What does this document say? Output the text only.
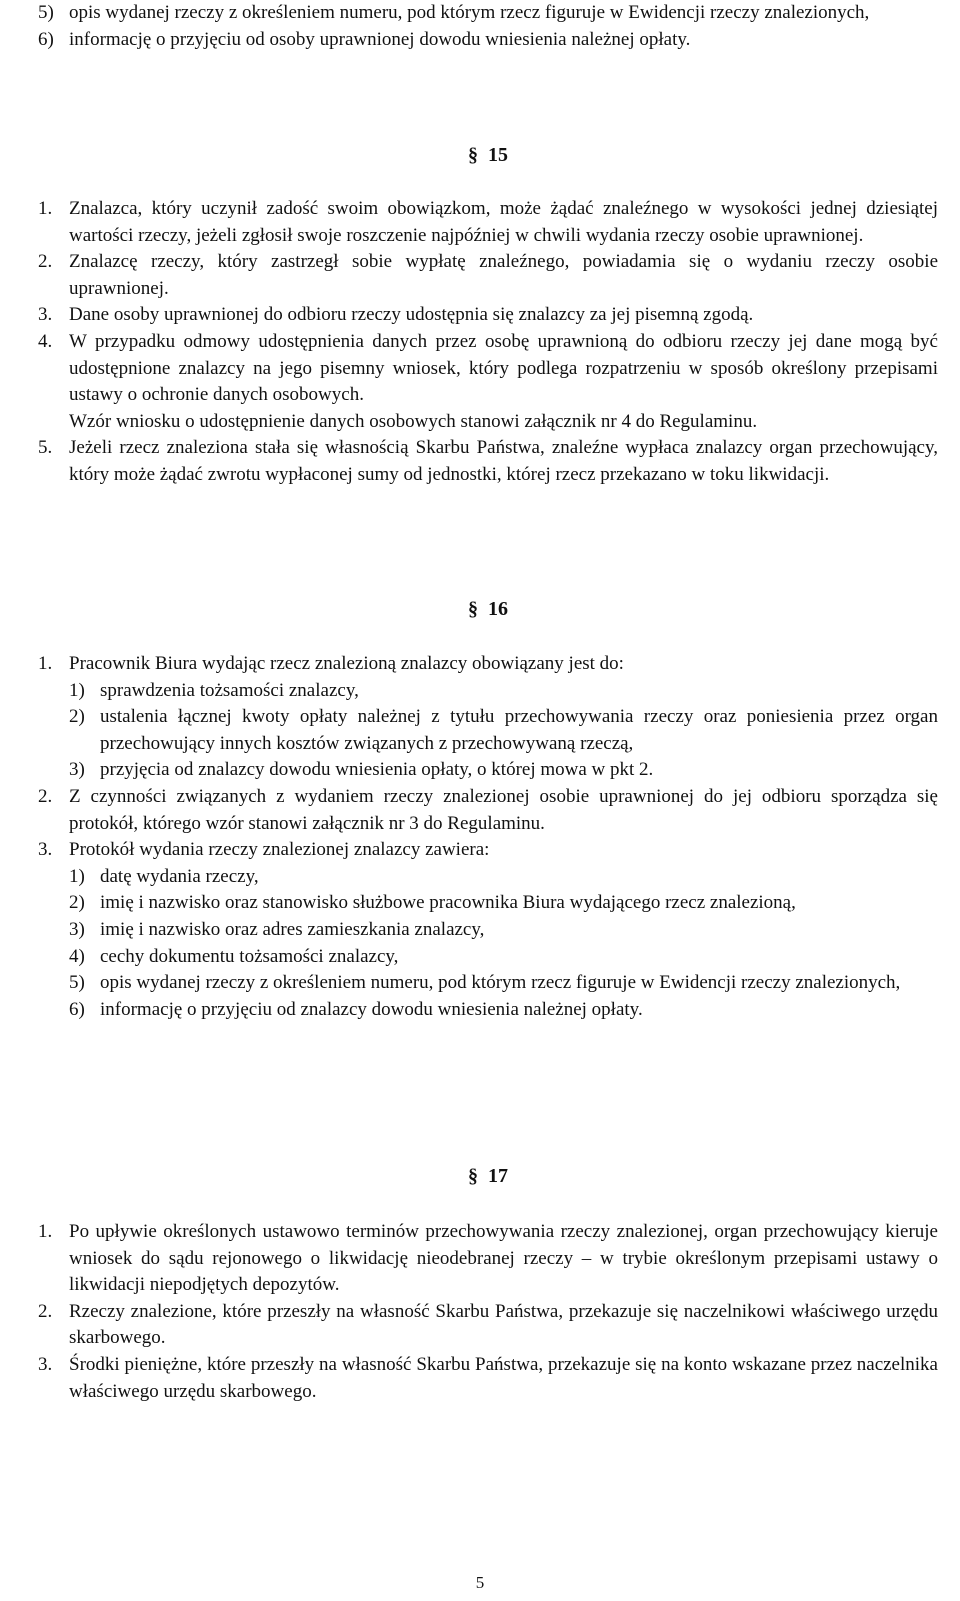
5) opis wydanej rzeczy z określeniem numeru, pod którym rzecz figuruje w Ewidencji rzeczy znalezionych,
6) informację o przyjęciu od osoby uprawnionej dowodu wniesienia należnej opłaty.
§ 15
1. Znalazca, który uczynił zadość swoim obowiązkom, może żądać znaleźnego w wysokości jednej dziesiątej wartości rzeczy, jeżeli zgłosił swoje roszczenie najpóźniej w chwili wydania rzeczy osobie uprawnionej.
2. Znalazcę rzeczy, który zastrzegł sobie wypłatę znaleźnego, powiadamia się o wydaniu rzeczy osobie uprawnionej.
3. Dane osoby uprawnionej do odbioru rzeczy udostępnia się znalazcy za jej pisemną zgodą.
4. W przypadku odmowy udostępnienia danych przez osobę uprawnioną do odbioru rzeczy jej dane mogą być udostępnione znalazcy na jego pisemny wniosek, który podlega rozpatrzeniu w sposób określony przepisami ustawy o ochronie danych osobowych.
Wzór wniosku o udostępnienie danych osobowych stanowi załącznik nr 4 do Regulaminu.
5. Jeżeli rzecz znaleziona stała się własnością Skarbu Państwa, znaleźne wypłaca znalazcy organ przechowujący, który może żądać zwrotu wypłaconej sumy od jednostki, której rzecz przekazano w toku likwidacji.
§ 16
1. Pracownik Biura wydając rzecz znalezioną znalazcy obowiązany jest do:
1) sprawdzenia tożsamości znalazcy,
2) ustalenia łącznej kwoty opłaty należnej z tytułu przechowywania rzeczy oraz poniesienia przez organ przechowujący innych kosztów związanych z przechowywaną rzeczą,
3) przyjęcia od znalazcy dowodu wniesienia opłaty, o której mowa w pkt 2.
2. Z czynności związanych z wydaniem rzeczy znalezionej osobie uprawnionej do jej odbioru sporządza się protokół, którego wzór stanowi załącznik nr 3 do Regulaminu.
3. Protokół wydania rzeczy znalezionej znalazcy zawiera:
1) datę wydania rzeczy,
2) imię i nazwisko oraz stanowisko służbowe pracownika Biura wydającego rzecz znalezioną,
3) imię i nazwisko oraz adres zamieszkania znalazcy,
4) cechy dokumentu tożsamości znalazcy,
5) opis wydanej rzeczy z określeniem numeru, pod którym rzecz figuruje w Ewidencji rzeczy znalezionych,
6) informację o przyjęciu od znalazcy dowodu wniesienia należnej opłaty.
§ 17
1. Po upływie określonych ustawowo terminów przechowywania rzeczy znalezionej, organ przechowujący kieruje wniosek do sądu rejonowego o likwidację nieodebranej rzeczy – w trybie określonym przepisami ustawy o likwidacji niepodjętych depozytów.
2. Rzeczy znalezione, które przeszły na własność Skarbu Państwa, przekazuje się naczelnikowi właściwego urzędu skarbowego.
3. Środki pieniężne, które przeszły na własność Skarbu Państwa, przekazuje się na konto wskazane przez naczelnika właściwego urzędu skarbowego.
5
